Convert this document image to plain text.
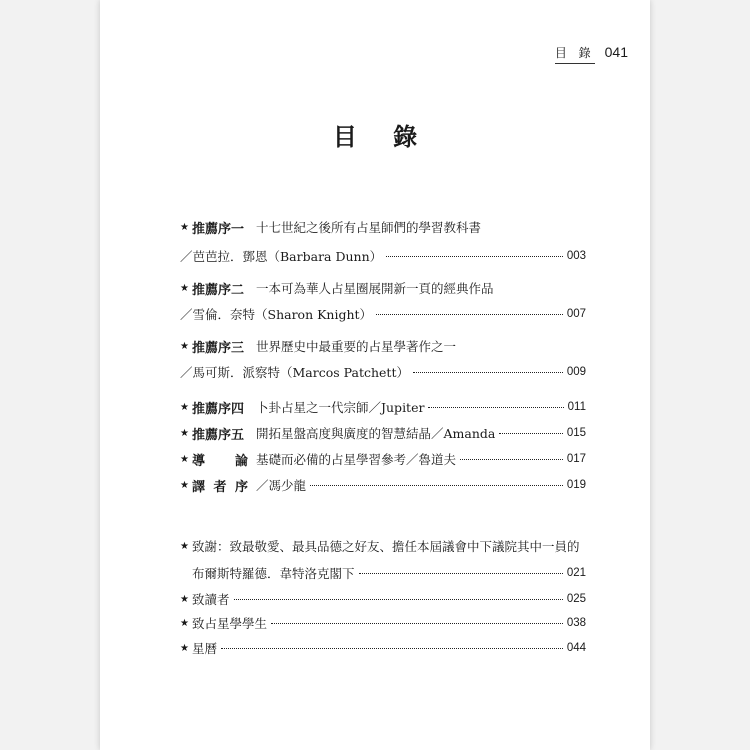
目 錄 041
目 錄
★ 推薦序一 十七世紀之後所有占星師們的學習教科書
／芭芭拉．鄧恩（Barbara Dunn）	003
★ 推薦序二 一本可為華人占星圈展開新一頁的經典作品
／雪倫．奈特（Sharon Knight）	007
★ 推薦序三 世界歷史中最重要的占星學著作之一
／馬可斯．派察特（Marcos Patchett）	009
★ 推薦序四 卜卦占星之一代宗師／Jupiter	011
★ 推薦序五 開拓星盤高度與廣度的智慧結晶／Amanda	015
★ 導　論 基礎而必備的占星學習參考／魯道夫	017
★ 譯 者 序 ／馮少龍	019
★ 致謝：致最敬愛、最具品德之好友、擔任本屆議會中下議院其中一員的
布爾斯特羅德．韋特洛克閣下	021
★ 致讀者	025
★ 致占星學學生	038
★ 星曆	044
